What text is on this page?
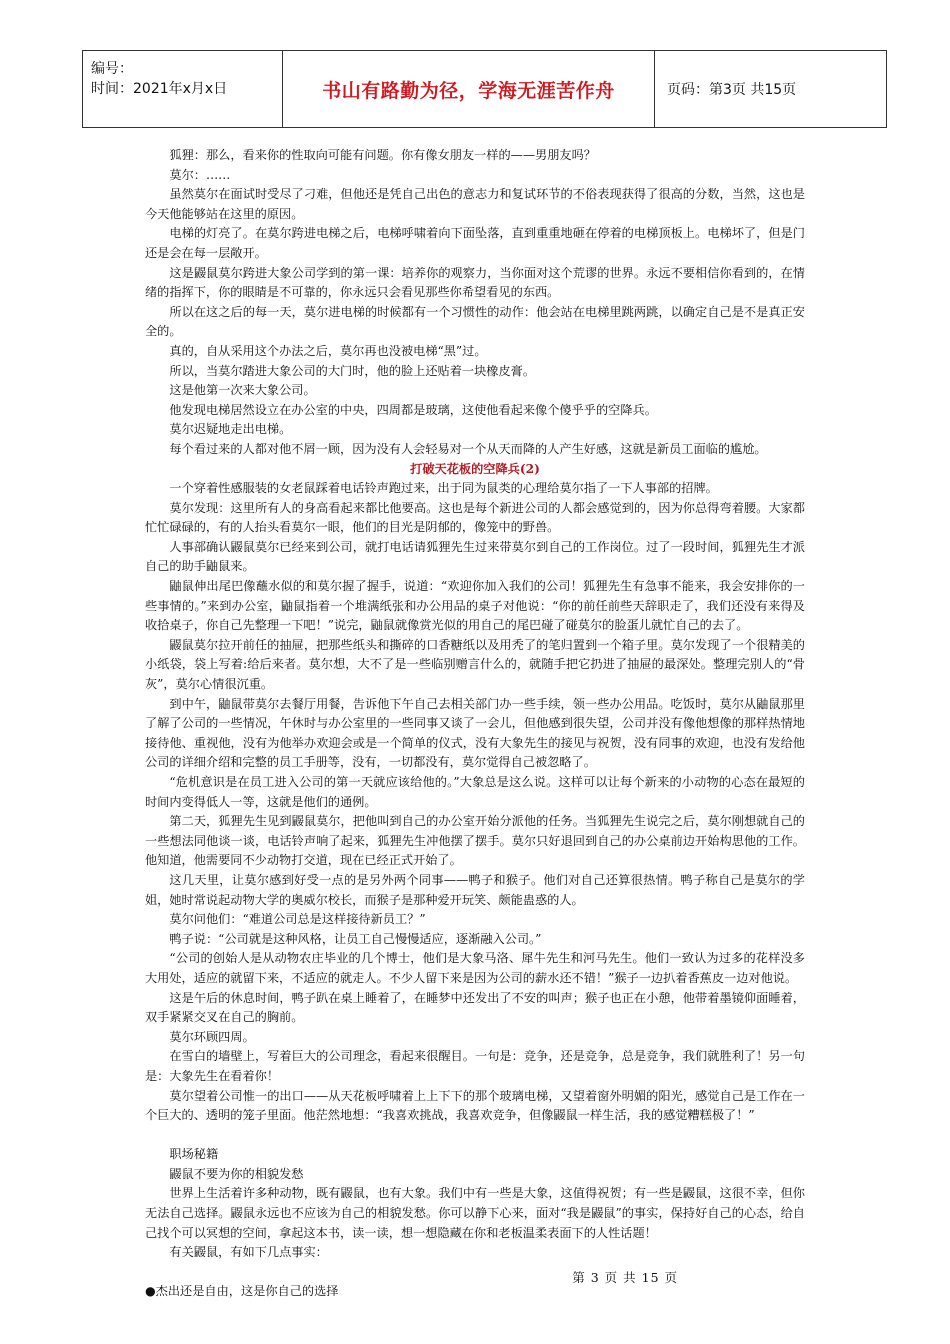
编号：
时间：2021年x月x日	书山有路勤为径，学海无涯苦作舟	页码：第3页 共15页

狐狸：那么，看来你的性取向可能有问题。你有像女朋友一样的——男朋友吗？

莫尔：……

虽然莫尔在面试时受尽了刁难，但他还是凭自己出色的意志力和复试环节的不俗表现获得了很高的分数，当然，这也是今天他能够站在这里的原因。

电梯的灯亮了。在莫尔跨进电梯之后，电梯呼啸着向下面坠落，直到重重地砸在停着的电梯顶板上。电梯坏了，但是门还是会在每一层敞开。

这是鼹鼠莫尔跨进大象公司学到的第一课：培养你的观察力，当你面对这个荒谬的世界。永远不要相信你看到的，在情绪的指挥下，你的眼睛是不可靠的，你永远只会看见那些你希望看见的东西。

所以在这之后的每一天，莫尔进电梯的时候都有一个习惯性的动作：他会站在电梯里跳两跳，以确定自己是不是真正安全的。

真的，自从采用这个办法之后，莫尔再也没被电梯“黑”过。

所以，当莫尔踏进大象公司的大门时，他的脸上还贴着一块橡皮膏。

这是他第一次来大象公司。

他发现电梯居然设立在办公室的中央，四周都是玻璃，这使他看起来像个傻乎乎的空降兵。

莫尔迟疑地走出电梯。

每个看过来的人都对他不屑一顾，因为没有人会轻易对一个从天而降的人产生好感，这就是新员工面临的尴尬。

打破天花板的空降兵(2)

一个穿着性感服装的女老鼠踩着电话铃声跑过来，出于同为鼠类的心理给莫尔指了一下人事部的招牌。

莫尔发现：这里所有人的身高看起来都比他要高。这也是每个新进公司的人都会感觉到的，因为你总得弯着腰。大家都忙忙碌碌的，有的人抬头看莫尔一眼，他们的目光是阴郁的，像笼中的野兽。

人事部确认鼹鼠莫尔已经来到公司，就打电话请狐狸先生过来带莫尔到自己的工作岗位。过了一段时间，狐狸先生才派自己的助手鼬鼠来。

鼬鼠伸出尾巴像蘸水似的和莫尔握了握手，说道：“欢迎你加入我们的公司！狐狸先生有急事不能来，我会安排你的一些事情的。”来到办公室，鼬鼠指着一个堆满纸张和办公用品的桌子对他说：“你的前任前些天辞职走了，我们还没有来得及收拾桌子，你自己先整理一下吧！”说完，鼬鼠就像赏光似的用自己的尾巴碰了碰莫尔的脸蛋儿就忙自己的去了。

鼹鼠莫尔拉开前任的抽屉，把那些纸头和撕碎的口香糖纸以及用秃了的笔归置到一个箱子里。莫尔发现了一个很精美的小纸袋，袋上写着:给后来者。莫尔想，大不了是一些临别赠言什么的，就随手把它扔进了抽屉的最深处。整理完别人的“骨灰”，莫尔心情很沉重。

到中午，鼬鼠带莫尔去餐厅用餐，告诉他下午自己去相关部门办一些手续，领一些办公用品。吃饭时，莫尔从鼬鼠那里了解了公司的一些情况，午休时与办公室里的一些同事又谈了一会儿，但他感到很失望，公司并没有像他想像的那样热情地接待他、重视他，没有为他举办欢迎会或是一个简单的仪式，没有大象先生的接见与祝贺，没有同事的欢迎，也没有发给他公司的详细介绍和完整的员工手册等，没有，一切都没有，莫尔觉得自己被忽略了。

“危机意识是在员工进入公司的第一天就应该给他的。”大象总是这么说。这样可以让每个新来的小动物的心态在最短的时间内变得低人一等，这就是他们的通例。

第二天，狐狸先生见到鼹鼠莫尔，把他叫到自己的办公室开始分派他的任务。当狐狸先生说完之后，莫尔刚想就自己的一些想法同他谈一谈，电话铃声响了起来，狐狸先生冲他摆了摆手。莫尔只好退回到自己的办公桌前边开始构思他的工作。他知道，他需要同不少动物打交道，现在已经正式开始了。

这几天里，让莫尔感到好受一点的是另外两个同事——鸭子和猴子。他们对自己还算很热情。鸭子称自己是莫尔的学姐，她时常说起动物大学的奥威尔校长，而猴子是那种爱开玩笑、颇能蛊惑的人。

莫尔问他们：“难道公司总是这样接待新员工？”

鸭子说：“公司就是这种风格，让员工自己慢慢适应，逐渐融入公司。”

“公司的创始人是从动物农庄毕业的几个博士，他们是大象马洛、犀牛先生和河马先生。他们一致认为过多的花样没多大用处，适应的就留下来，不适应的就走人。不少人留下来是因为公司的薪水还不错！”猴子一边扒着香蕉皮一边对他说。

这是午后的休息时间，鸭子趴在桌上睡着了，在睡梦中还发出了不安的叫声；猴子也正在小憩，他带着墨镜仰面睡着，双手紧紧交叉在自己的胸前。

莫尔环顾四周。

在雪白的墙壁上，写着巨大的公司理念，看起来很醒目。一句是：竞争，还是竞争，总是竞争，我们就胜利了！另一句是：大象先生在看着你！

莫尔望着公司惟一的出口——从天花板呼啸着上上下下的那个玻璃电梯，又望着窗外明媚的阳光，感觉自己是工作在一个巨大的、透明的笼子里面。他茫然地想：“我喜欢挑战，我喜欢竞争，但像鼹鼠一样生活，我的感觉糟糕极了！”

职场秘籍

鼹鼠不要为你的相貌发愁

世界上生活着许多种动物，既有鼹鼠，也有大象。我们中有一些是大象，这值得祝贺；有一些是鼹鼠，这很不幸，但你无法自己选择。鼹鼠永远也不应该为自己的相貌发愁。你可以静下心来，面对“我是鼹鼠”的事实，保持好自己的心态，给自己找个可以冥想的空间，拿起这本书，读一读，想一想隐藏在你和老板温柔表面下的人性话题！

有关鼹鼠，有如下几点事实：

●杰出还是自由，这是你自己的选择

第 3 页 共 15 页
